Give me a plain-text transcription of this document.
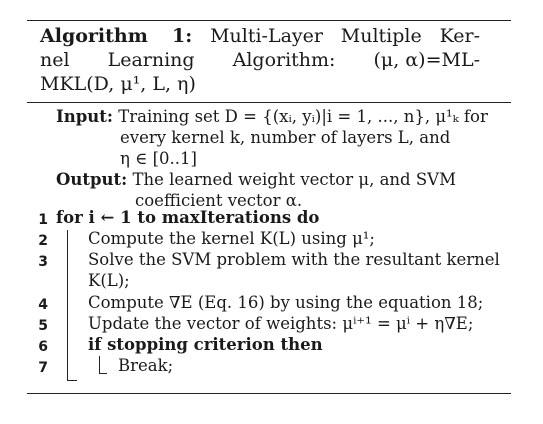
Algorithm 1: Multi-Layer Multiple Ker-
nel Learning Algorithm: (μ, α)=ML-
MKL(D, μ¹, L, η)
Input: Training set D = {(xᵢ, yᵢ)|i = 1, ..., n}, μ¹ₖ for
every kernel k, number of layers L, and
η ∈ [0..1]
Output: The learned weight vector μ, and SVM
coefficient vector α.
1
2
3
4
5
6
7
for i ← 1 to maxIterations do
Compute the kernel K(L) using μ¹;
Solve the SVM problem with the resultant kernel
K(L);
Compute ∇E (Eq. 16) by using the equation 18;
Update the vector of weights: μⁱ⁺¹ = μⁱ + η∇E;
if stopping criterion then
Break;
